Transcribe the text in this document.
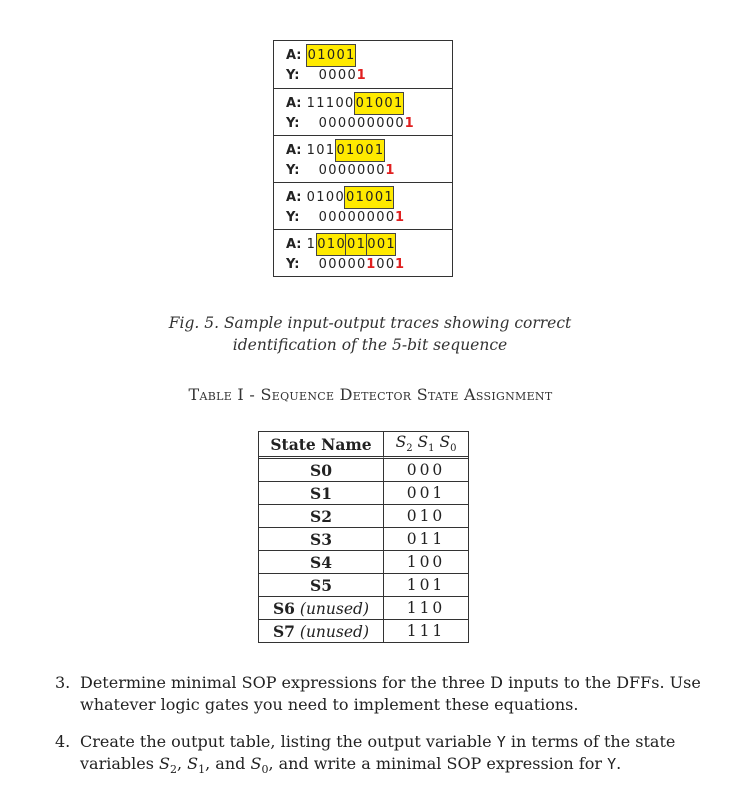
A: 01001
Y: 00001
A: 11100 01001
Y: 0000000001
A: 101 01001
Y: 00000001
A: 0100 01001
Y: 000000001
A: 1 010 01 001
Y: 000001001
Fig. 5. Sample input-output traces showing correct
identification of the 5-bit sequence
Table I - Sequence Detector State Assignment
State Name	$S_2$ $S_1$ $S_0$
S0	000
S1	001
S2	010
S3	011
S4	100
S5	101
S6 (unused)	110
S7 (unused)	111
3. Determine minimal SOP expressions for the three D inputs to the DFFs. Use
whatever logic gates you need to implement these equations.
4. Create the output table, listing the output variable Y in terms of the state
variables $S_2$, $S_1$, and $S_0$, and write a minimal SOP expression for Y.
